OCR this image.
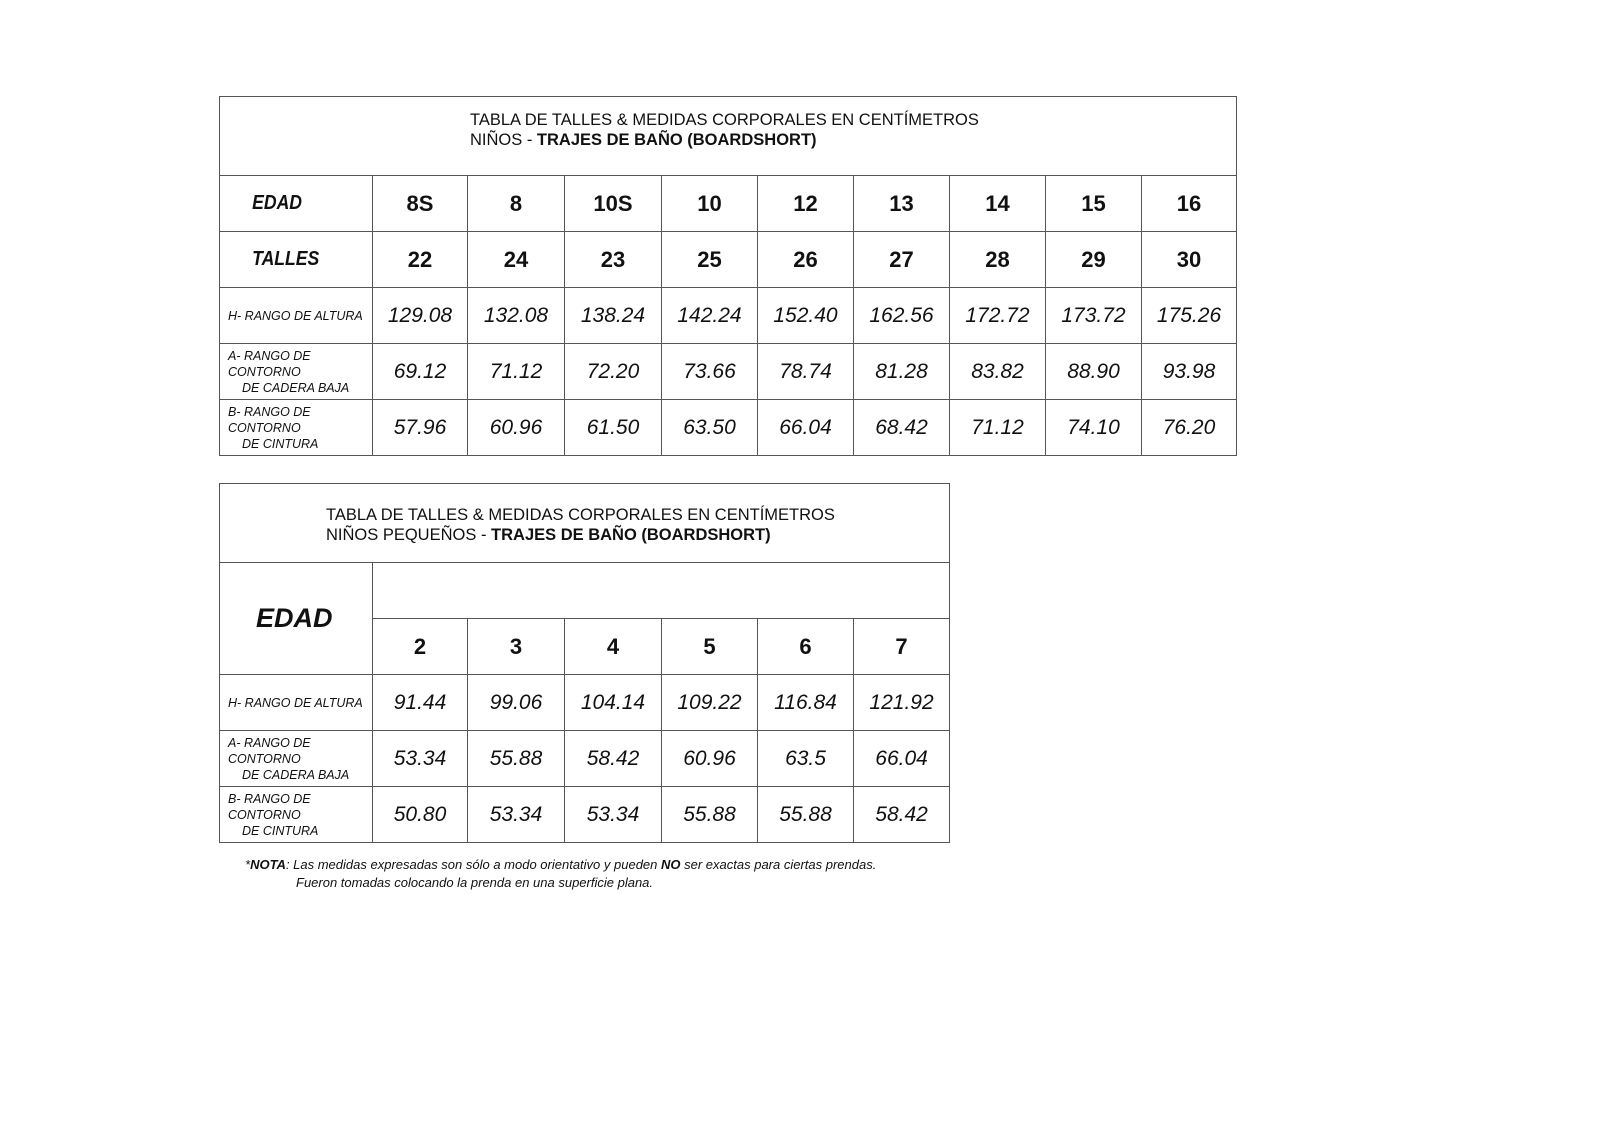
TABLA DE TALLES & MEDIDAS CORPORALES EN CENTÍMETROS
NIÑOS - TRAJES DE BAÑO (BOARDSHORT)									

EDAD	8S	8	10S	10	12	13	14	15	16
TALLES	22	24	23	25	26	27	28	29	30
H- RANGO DE ALTURA	129.08	132.08	138.24	142.24	152.40	162.56	172.72	173.72	175.26
A- RANGO DE CONTORNO
DE CADERA BAJA	69.12	71.12	72.20	73.66	78.74	81.28	83.82	88.90	93.98
B- RANGO DE CONTORNO
DE CINTURA	57.96	60.96	61.50	63.50	66.04	68.42	71.12	74.10	76.20
TABLA DE TALLES & MEDIDAS CORPORALES EN CENTÍMETROS
NIÑOS PEQUEÑOS - TRAJES DE BAÑO (BOARDSHORT)						

EDAD						
	2	3	4	5	6	7
H- RANGO DE ALTURA	91.44	99.06	104.14	109.22	116.84	121.92
A- RANGO DE CONTORNO
DE CADERA BAJA	53.34	55.88	58.42	60.96	63.5	66.04
B- RANGO DE CONTORNO
DE CINTURA	50.80	53.34	53.34	55.88	55.88	58.42
*NOTA: Las medidas expresadas son sólo a modo orientativo y pueden NO ser exactas para ciertas prendas.
Fueron tomadas colocando la prenda en una superficie plana.
